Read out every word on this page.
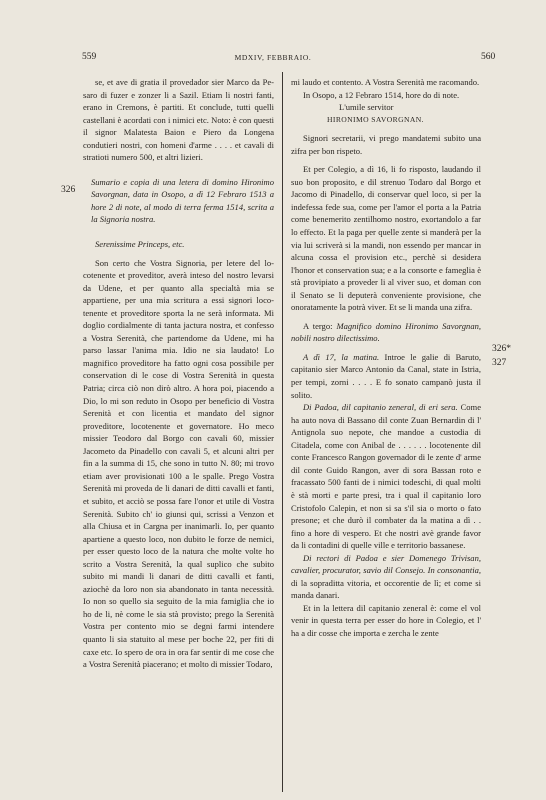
559	MDXIV, FEBBRAIO.	560
326
326*
327

se, et ave di gratia il provedador sier Marco da Pesaro di fuzer e zonzer li a Sazil. Etiam li nostri fanti, erano in Cremons, è partiti. Et conclude, tutti quelli castellani è acordati con i nimici etc. Noto: è con questi il signor Malatesta Baion e Piero da Longena condutieri nostri, con homeni d'arme . . . . et cavali di stratioti numero 500, et altri lizieri.

Sumario e copia di una letera di domino Hironimo Savorgnan, data in Osopo, a dì 12 Febraro 1513 a hore 2 di note, al modo di terra ferma 1514, scrita a la Signoria nostra.

Serenissime Princeps, etc.

Son certo che Vostra Signoria, per letere del locotenente et proveditor, averà inteso del nostro levarsi da Udene, et per quanto alla specialtà mia se appartiene, per una mia scritura a essi signori locotenente et proveditore sporta la ne serà informata. Mi doglio cordialmente di tanta jactura nostra, et confesso a Vostra Serenità, che partendome da Udene, mi ha parso lassar l'anima mia. Idio ne sia laudato! Lo magnifico proveditore ha fatto ogni cosa possibile per conservation di le cose di Vostra Serenità in questa Patria; circa ciò non dirò altro. A hora poi, piacendo a Dio, lo mi son reduto in Osopo per beneficio di Vostra Serenità et con licentia et mandato del signor proveditore, locotenente et governatore. Ho meco missier Teodoro dal Borgo con cavali 60, missier Jacometo da Pinadello con cavali 5, et alcuni altri per fin a la summa di 15, che sono in tutto N. 80; mi trovo etiam aver provisionati 100 a le spalle. Prego Vostra Serenità mi proveda de li danari de ditti cavalli et fanti, et subito, et acciò se possa fare l'onor et utile di Vostra Serenità. Subito ch' io giunsi qui, scrissi a Venzon et alla Chiusa et in Cargna per inanimarli. Io, per quanto apartiene a questo loco, non dubito le forze de nemici, per esser questo loco de la natura che molte volte ho scrito a Vostra Serenità, la qual suplico che subito subito mi mandi li danari de ditti cavalli et fanti, aziochè da loro non sia abandonato in tanta necessità. Io non so quello sia seguito de la mia famiglia che io ho de li, nè come le sia stà provisto; prego la Serenità Vostra per contento mio se degni farmi intendere quanto li sia statuito al mese per boche 22, per fiti di caxe etc. Io spero de ora in ora far sentir di me cose che a Vostra Serenità piacerano; et molto di missier Todaro,

mi laudo et contento. A Vostra Serenità me racomando.

In Osopo, a 12 Febraro 1514, hore do di note.

L'umile servitor
HIRONIMO SAVORGNAN.

Signori secretarii, vi prego mandatemi subito una zifra per bon rispeto.

Et per Colegio, a dì 16, li fo risposto, laudando il suo bon proposito, e dil strenuo Todaro dal Borgo et Jacomo di Pinadello, di conservar quel loco, si per la indefessa fede sua, come per l'amor el porta a la Patria come benemerito zentilhomo nostro, exortandolo a far lo effecto. Et la paga per quelle zente si manderà per la via lui scriverà si la mandi, non essendo per mancar in alcuna cossa el provision etc., perchè si desidera l'honor et conservation sua; e a la consorte e fameglia è stà provipiato a proveder li al viver suo, et doman con il Senato se li deputerà conveniente provisione, che onoratamente la potrà viver. Et se li manda una zifra.

A tergo: Magnifico domino Hironimo Savorgnan, nobili nostro dilectissimo.

A dì 17, la matina. Introe le galie di Baruto, capitanio sier Marco Antonio da Canal, state in Istria, per tempi, zorni . . . . E fo sonato campanò justa il solito.

Di Padoa, dil capitanio zeneral, di eri sera. Come ha auto nova di Bassano dil conte Zuan Bernardin di l' Antignola suo nepote, che mandoe a custodia di Citadela, come con Anibal de . . . . . . locotenente dil conte Francesco Rangon governador di le zente d' arme dil conte Guido Rangon, aver di sora Bassan roto e fracassato 500 fanti de i nimici todeschi, di qual molti è stà morti e parte presi, tra i qual il capitanio loro Cristofolo Calepin, et non si sa s'il sia o morto o fato presone; et che durò il combater da la matina a dì . . fino a hore di vespero. Et che nostri avè grande favor da li contadini di quelle ville e territorio bassanese.

Di rectori di Padoa e sier Domenego Trivisan, cavalier, procurator, savio dil Consejo. In consonantia, di la sopraditta vitoria, et occorentie de lì; et come si manda danari.

Et in la lettera dil capitanio zeneral è: come el vol venir in questa terra per esser do hore in Colegio, et l' ha a dir cosse che importa e zercha le zente
